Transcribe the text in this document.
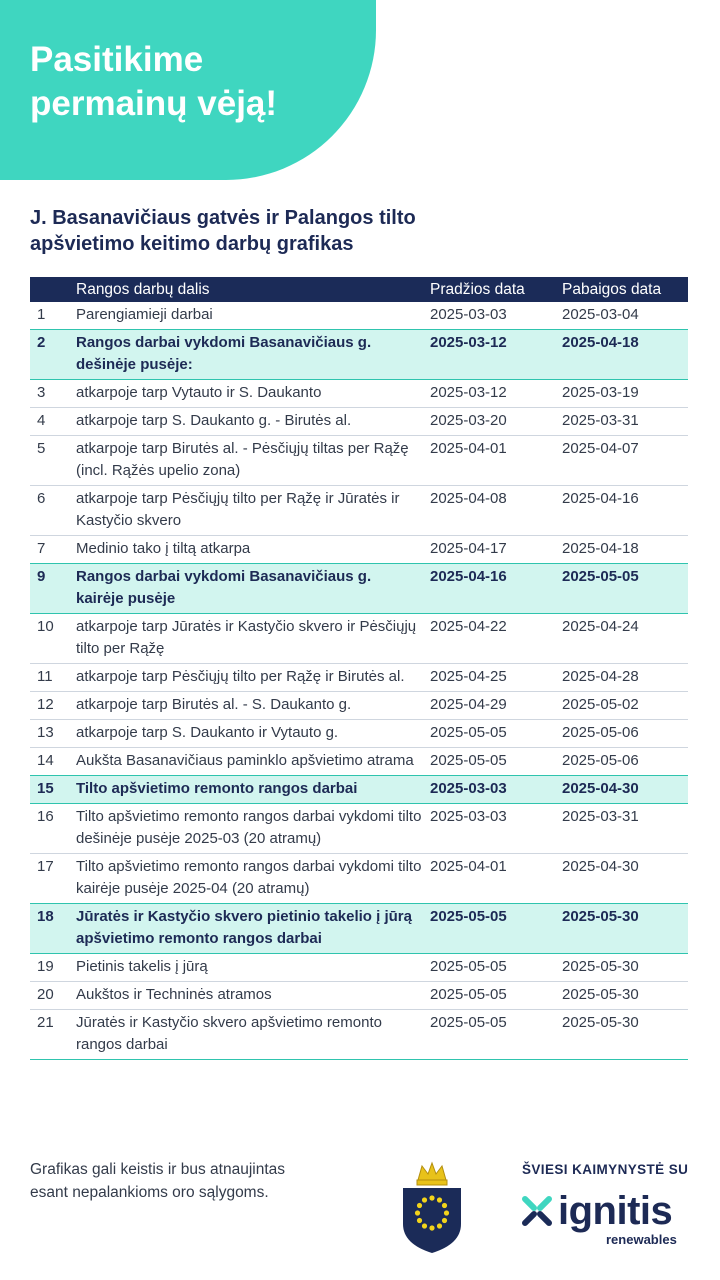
Pasitikime
permainų vėją!
J. Basanavičiaus gatvės ir Palangos tilto
apšvietimo keitimo darbų grafikas
	Rangos darbų dalis	Pradžios data	Pabaigos data
1	Parengiamieji darbai	2025-03-03	2025-03-04
2	Rangos darbai vykdomi Basanavičiaus g. dešinėje pusėje:	2025-03-12	2025-04-18
3	atkarpoje tarp Vytauto ir S. Daukanto	2025-03-12	2025-03-19
4	atkarpoje tarp S. Daukanto g. - Birutės al.	2025-03-20	2025-03-31
5	atkarpoje tarp Birutės al. - Pėsčiųjų tiltas per Rąžę (incl. Rąžės upelio zona)	2025-04-01	2025-04-07
6	atkarpoje tarp Pėsčiųjų tilto per Rąžę ir Jūratės ir Kastyčio skvero	2025-04-08	2025-04-16
7	Medinio tako į tiltą atkarpa	2025-04-17	2025-04-18
9	Rangos darbai vykdomi Basanavičiaus g. kairėje pusėje	2025-04-16	2025-05-05
10	atkarpoje tarp Jūratės ir Kastyčio skvero ir Pėsčiųjų tilto per Rąžę	2025-04-22	2025-04-24
11	atkarpoje tarp Pėsčiųjų tilto per Rąžę ir Birutės al.	2025-04-25	2025-04-28
12	atkarpoje tarp Birutės al. - S. Daukanto g.	2025-04-29	2025-05-02
13	atkarpoje tarp S. Daukanto ir Vytauto g.	2025-05-05	2025-05-06
14	Aukšta Basanavičiaus paminklo apšvietimo atrama	2025-05-05	2025-05-06
15	Tilto apšvietimo remonto rangos darbai	2025-03-03	2025-04-30
16	Tilto apšvietimo remonto rangos darbai vykdomi tilto dešinėje pusėje 2025-03 (20 atramų)	2025-03-03	2025-03-31
17	Tilto apšvietimo remonto rangos darbai vykdomi tilto kairėje pusėje 2025-04 (20 atramų)	2025-04-01	2025-04-30
18	Jūratės ir Kastyčio skvero pietinio takelio į jūrą apšvietimo remonto rangos darbai	2025-05-05	2025-05-30
19	Pietinis takelis į jūrą	2025-05-05	2025-05-30
20	Aukštos ir Techninės atramos	2025-05-05	2025-05-30
21	Jūratės ir Kastyčio skvero apšvietimo remonto rangos darbai	2025-05-05	2025-05-30

Grafikas gali keistis ir bus atnaujintas esant nepalankioms oro sąlygoms.

ŠVIESI KAIMYNYSTĖ SU
ignitis
renewables
